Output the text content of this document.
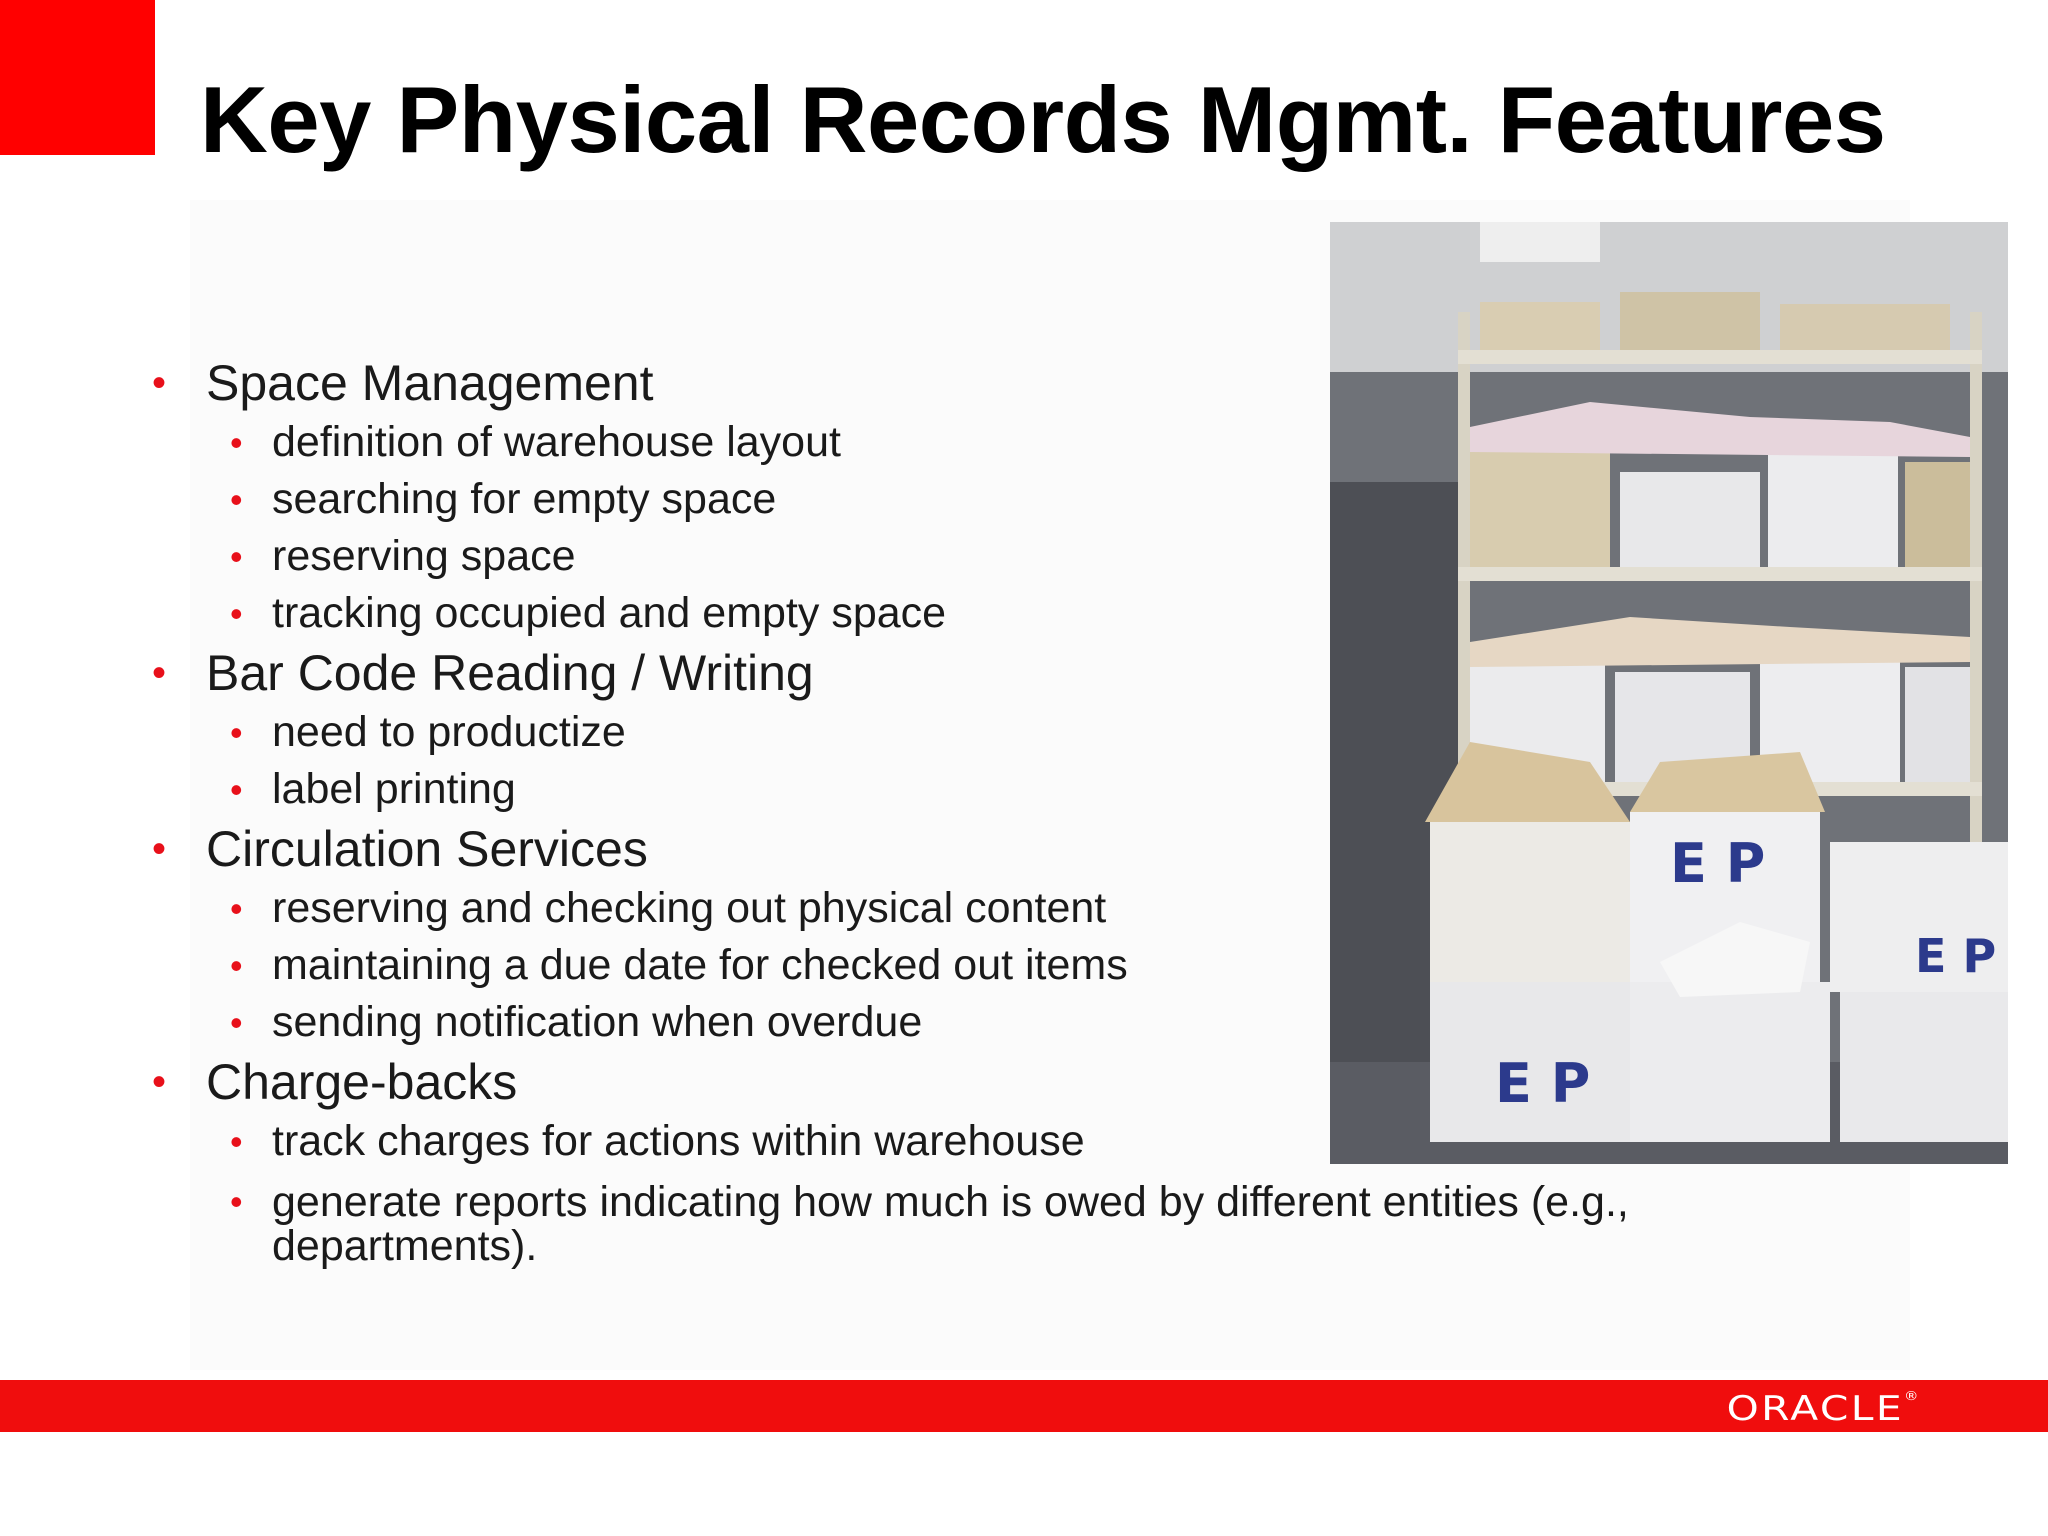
Key Physical Records Mgmt. Features
• Space Management
• definition of warehouse layout
• searching for empty space
• reserving space
• tracking occupied and empty space
• Bar Code Reading / Writing
• need to productize
• label printing
• Circulation Services
• reserving and checking out physical content
• maintaining a due date for checked out items
• sending notification when overdue
• Charge-backs
• track charges for actions within warehouse
• generate reports indicating how much is owed by different entities (e.g., departments).
E P
E P
E P
ORACLE®
